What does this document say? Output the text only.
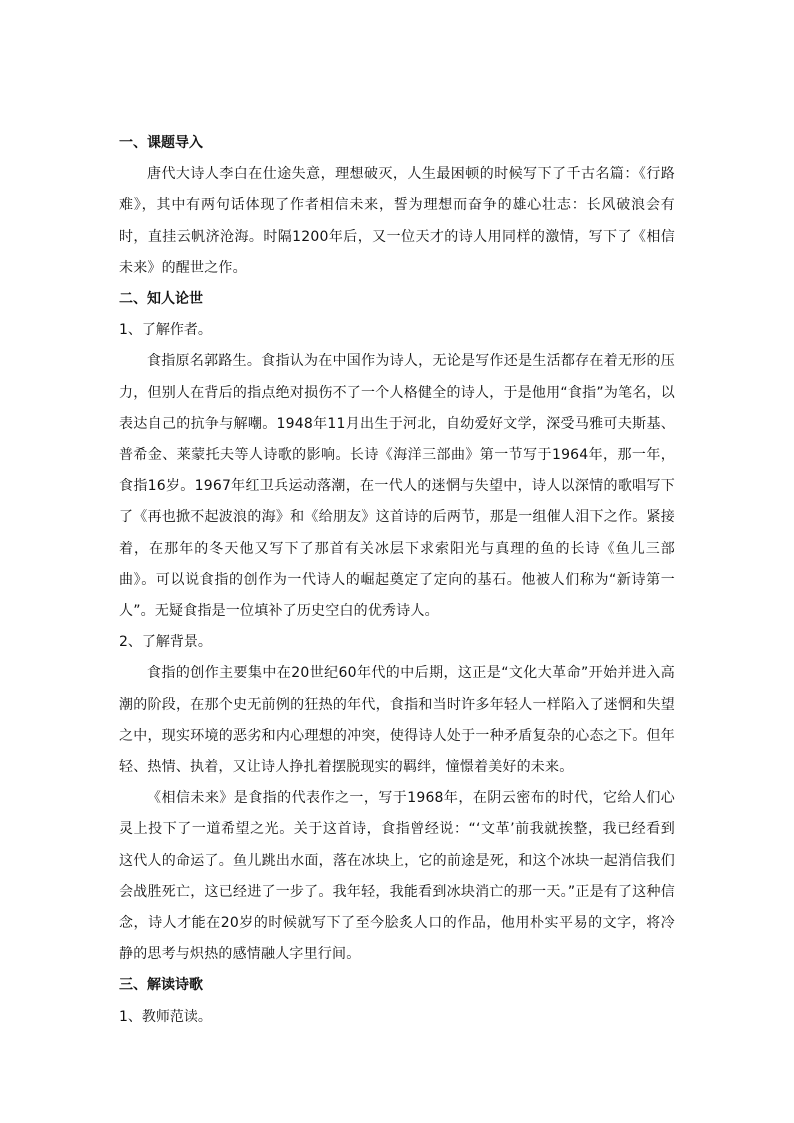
一、课题导入

唐代大诗人李白在仕途失意，理想破灭，人生最困顿的时候写下了千古名篇：《行路难》，其中有两句话体现了作者相信未来，誓为理想而奋争的雄心壮志：长风破浪会有时，直挂云帆济沧海。时隔1200年后，又一位天才的诗人用同样的激情，写下了《相信未来》的醒世之作。

二、知人论世

1、了解作者。

食指原名郭路生。食指认为在中国作为诗人，无论是写作还是生活都存在着无形的压力，但别人在背后的指点绝对损伤不了一个人格健全的诗人，于是他用“食指”为笔名，以表达自己的抗争与解嘲。1948年11月出生于河北，自幼爱好文学，深受马雅可夫斯基、普希金、莱蒙托夫等人诗歌的影响。长诗《海洋三部曲》第一节写于1964年，那一年，食指16岁。1967年红卫兵运动落潮，在一代人的迷惘与失望中，诗人以深情的歌唱写下了《再也掀不起波浪的海》和《给朋友》这首诗的后两节，那是一组催人泪下之作。紧接着，在那年的冬天他又写下了那首有关冰层下求索阳光与真理的鱼的长诗《鱼儿三部曲》。可以说食指的创作为一代诗人的崛起奠定了定向的基石。他被人们称为“新诗第一人”。无疑食指是一位填补了历史空白的优秀诗人。

2、了解背景。

食指的创作主要集中在20世纪60年代的中后期，这正是“文化大革命”开始并进入高潮的阶段，在那个史无前例的狂热的年代，食指和当时许多年轻人一样陷入了迷惘和失望之中，现实环境的恶劣和内心理想的冲突，使得诗人处于一种矛盾复杂的心态之下。但年轻、热情、执着，又让诗人挣扎着摆脱现实的羁绊，憧憬着美好的未来。

《相信未来》是食指的代表作之一，写于1968年，在阴云密布的时代，它给人们心灵上投下了一道希望之光。关于这首诗，食指曾经说：“‘文革’前我就挨整，我已经看到这代人的命运了。鱼儿跳出水面，落在冰块上，它的前途是死，和这个冰块一起消信我们会战胜死亡，这已经进了一步了。我年轻，我能看到冰块消亡的那一天。”正是有了这种信念，诗人才能在20岁的时候就写下了至今脍炙人口的作品，他用朴实平易的文字，将冷静的思考与炽热的感情融人字里行间。

三、解读诗歌

1、教师范读。
